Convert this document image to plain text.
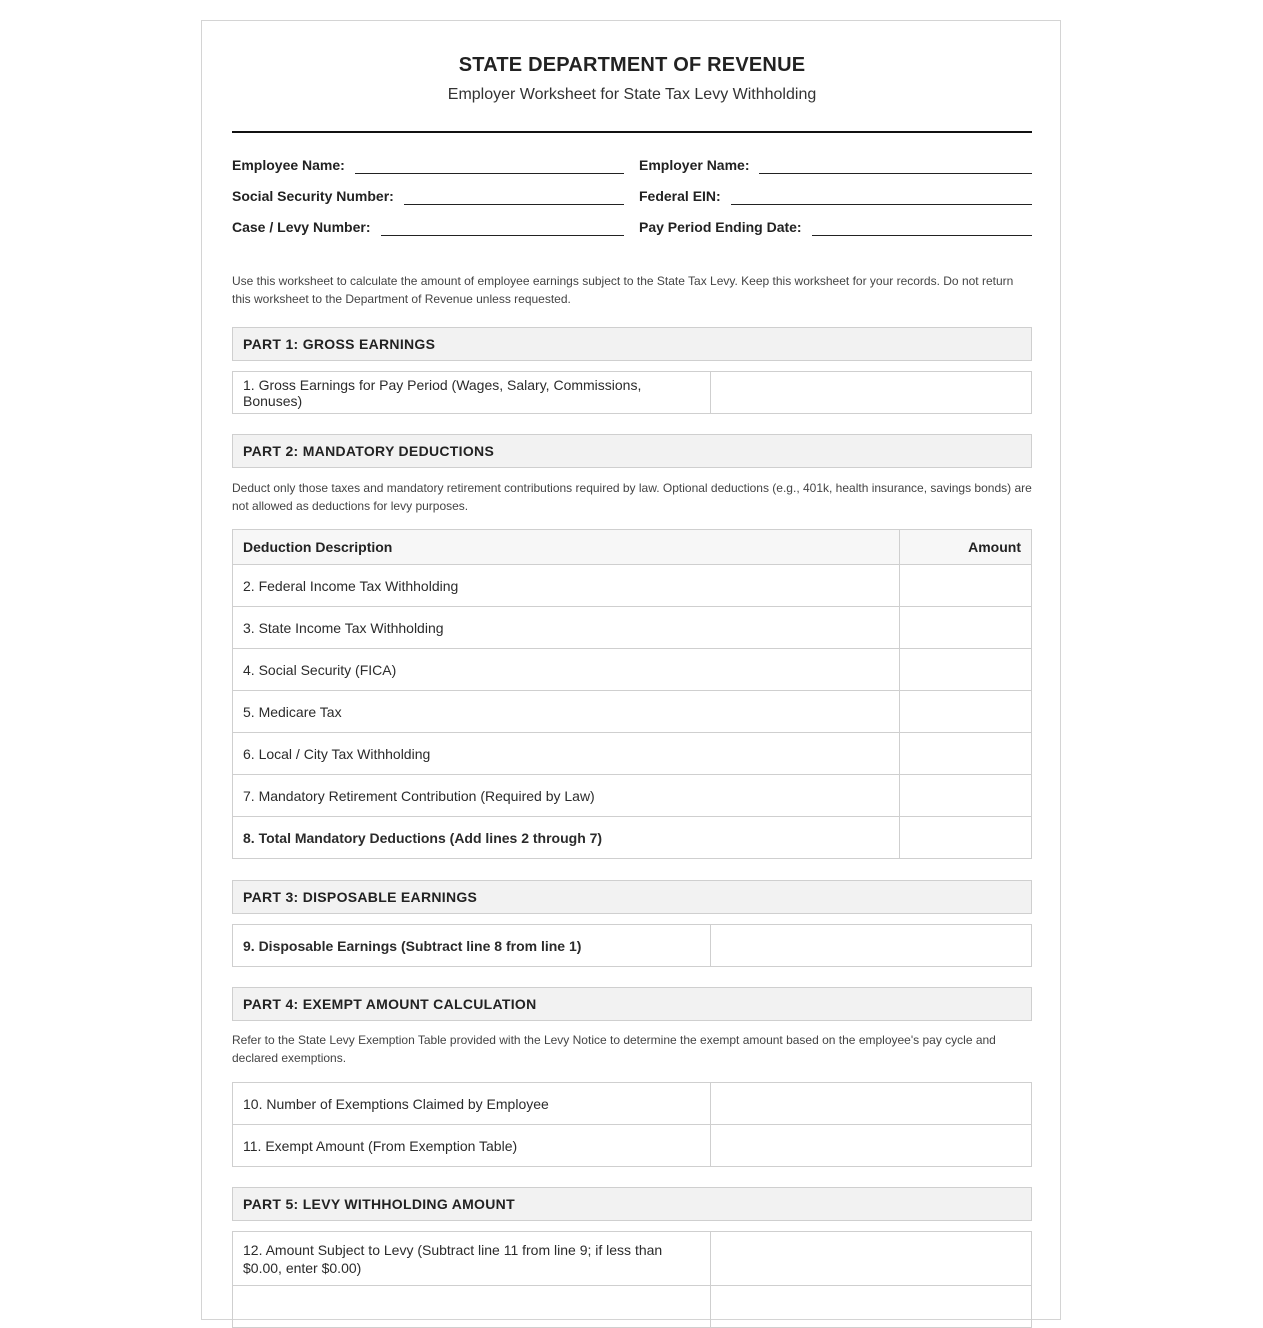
STATE DEPARTMENT OF REVENUE
Employer Worksheet for State Tax Levy Withholding
Employee Name:	Employer Name:
Social Security Number:	Federal EIN:
Case / Levy Number:	Pay Period Ending Date:
Use this worksheet to calculate the amount of employee earnings subject to the State Tax Levy. Keep this worksheet for your records. Do not return this worksheet to the Department of Revenue unless requested.
PART 1: GROSS EARNINGS
1. Gross Earnings for Pay Period (Wages, Salary, Commissions, Bonuses)	
PART 2: MANDATORY DEDUCTIONS
Deduct only those taxes and mandatory retirement contributions required by law. Optional deductions (e.g., 401k, health insurance, savings bonds) are not allowed as deductions for levy purposes.
Deduction Description	Amount
2. Federal Income Tax Withholding	
3. State Income Tax Withholding	
4. Social Security (FICA)	
5. Medicare Tax	
6. Local / City Tax Withholding	
7. Mandatory Retirement Contribution (Required by Law)	
8. Total Mandatory Deductions (Add lines 2 through 7)	
PART 3: DISPOSABLE EARNINGS
9. Disposable Earnings (Subtract line 8 from line 1)	
PART 4: EXEMPT AMOUNT CALCULATION
Refer to the State Levy Exemption Table provided with the Levy Notice to determine the exempt amount based on the employee's pay cycle and declared exemptions.
10. Number of Exemptions Claimed by Employee	
11. Exempt Amount (From Exemption Table)	
PART 5: LEVY WITHHOLDING AMOUNT
12. Amount Subject to Levy (Subtract line 11 from line 9; if less than $0.00, enter $0.00)	
